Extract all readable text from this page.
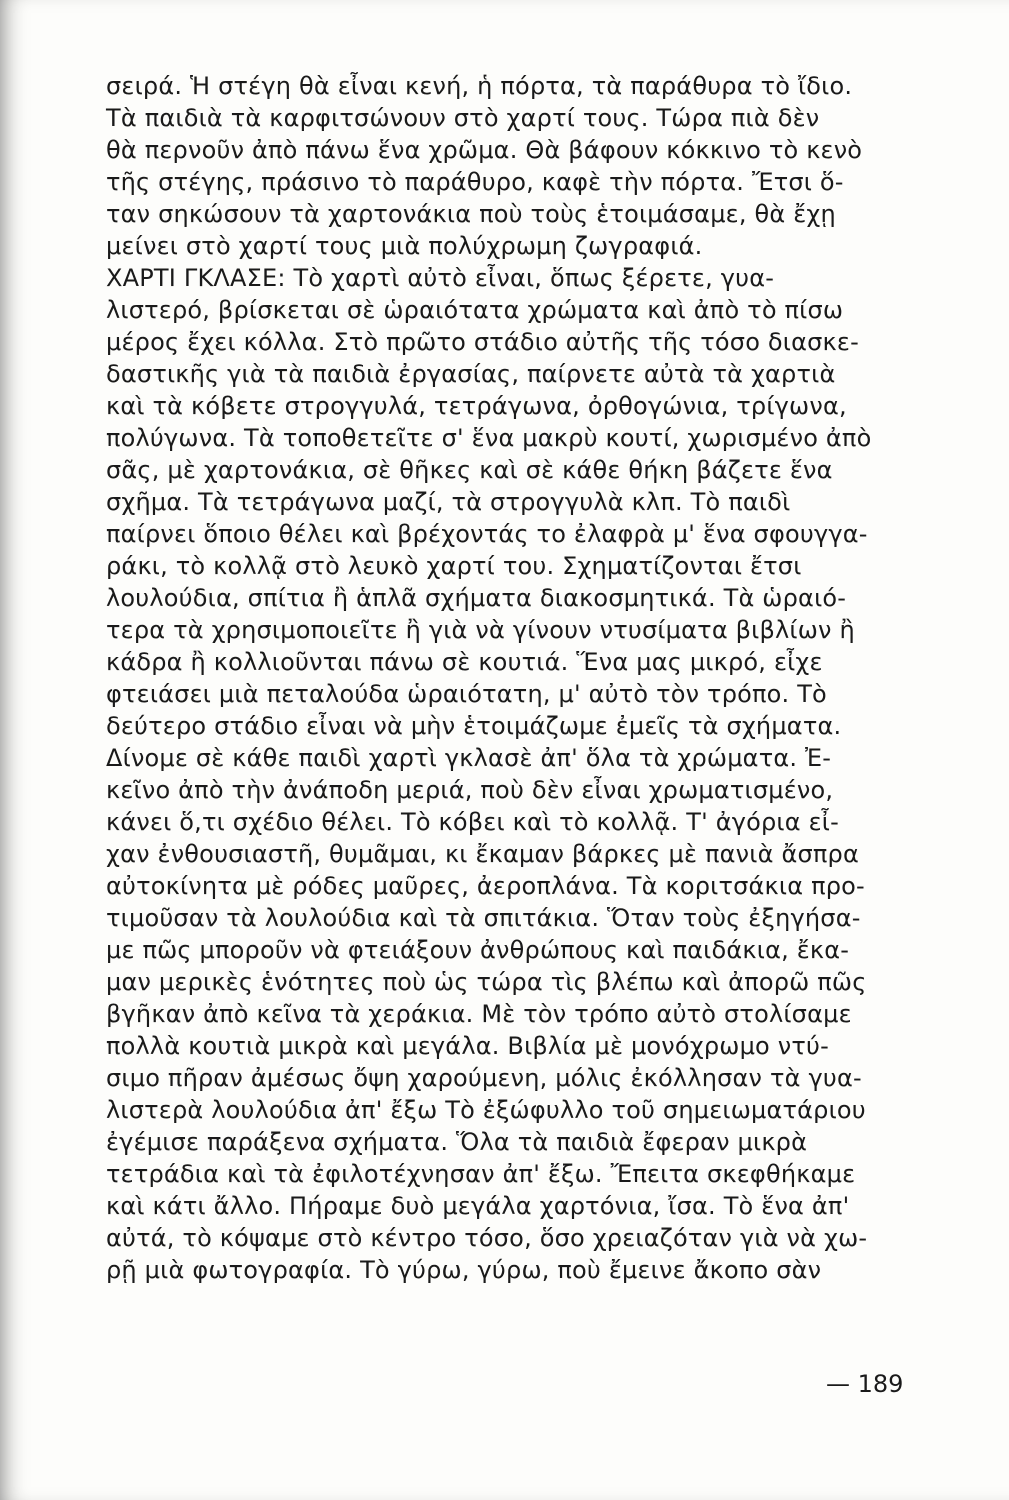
σειρά. Ἡ στέγη θὰ εἶναι κενή, ἡ πόρτα, τὰ παράθυρα τὸ ἴδιο.
Τὰ παιδιὰ τὰ καρφιτσώνουν στὸ χαρτί τους. Τώρα πιὰ δὲν
θὰ περνοῦν ἀπὸ πάνω ἕνα χρῶμα. Θὰ βάφουν κόκκινο τὸ κενὸ
τῆς στέγης, πράσινο τὸ παράθυρο, καφὲ τὴν πόρτα. Ἔτσι ὅ-
ταν σηκώσουν τὰ χαρτονάκια ποὺ τοὺς ἑτοιμάσαμε, θὰ ἔχῃ
μείνει στὸ χαρτί τους μιὰ πολύχρωμη ζωγραφιά.
ΧΑΡΤΙ ΓΚΛΑΣΕ: Τὸ χαρτὶ αὐτὸ εἶναι, ὅπως ξέρετε, γυα-
λιστερό, βρίσκεται σὲ ὡραιότατα χρώματα καὶ ἀπὸ τὸ πίσω
μέρος ἔχει κόλλα. Στὸ πρῶτο στάδιο αὐτῆς τῆς τόσο διασκε-
δαστικῆς γιὰ τὰ παιδιὰ ἐργασίας, παίρνετε αὐτὰ τὰ χαρτιὰ
καὶ τὰ κόβετε στρογγυλά, τετράγωνα, ὀρθογώνια, τρίγωνα,
πολύγωνα. Τὰ τοποθετεῖτε σ' ἕνα μακρὺ κουτί, χωρισμένο ἀπὸ
σᾶς, μὲ χαρτονάκια, σὲ θῆκες καὶ σὲ κάθε θήκη βάζετε ἕνα
σχῆμα. Τὰ τετράγωνα μαζί, τὰ στρογγυλὰ κλπ. Τὸ παιδὶ
παίρνει ὅποιο θέλει καὶ βρέχοντάς το ἐλαφρὰ μ' ἕνα σφουγγα-
ράκι, τὸ κολλᾷ στὸ λευκὸ χαρτί του. Σχηματίζονται ἔτσι
λουλούδια, σπίτια ἢ ἁπλᾶ σχήματα διακοσμητικά. Τὰ ὡραιό-
τερα τὰ χρησιμοποιεῖτε ἢ γιὰ νὰ γίνουν ντυσίματα βιβλίων ἢ
κάδρα ἢ κολλιοῦνται πάνω σὲ κουτιά. Ἕνα μας μικρό, εἶχε
φτειάσει μιὰ πεταλούδα ὡραιότατη, μ' αὐτὸ τὸν τρόπο. Τὸ
δεύτερο στάδιο εἶναι νὰ μὴν ἑτοιμάζωμε ἐμεῖς τὰ σχήματα.
Δίνομε σὲ κάθε παιδὶ χαρτὶ γκλασὲ ἀπ' ὅλα τὰ χρώματα. Ἐ-
κεῖνο ἀπὸ τὴν ἀνάποδη μεριά, ποὺ δὲν εἶναι χρωματισμένο,
κάνει ὅ,τι σχέδιο θέλει. Τὸ κόβει καὶ τὸ κολλᾷ. Τ' ἀγόρια εἶ-
χαν ἐνθουσιαστῆ, θυμᾶμαι, κι ἔκαμαν βάρκες μὲ πανιὰ ἄσπρα
αὐτοκίνητα μὲ ρόδες μαῦρες, ἀεροπλάνα. Τὰ κοριτσάκια προ-
τιμοῦσαν τὰ λουλούδια καὶ τὰ σπιτάκια. Ὅταν τοὺς ἐξηγήσα-
με πῶς μποροῦν νὰ φτειάξουν ἀνθρώπους καὶ παιδάκια, ἔκα-
μαν μερικὲς ἑνότητες ποὺ ὡς τώρα τὶς βλέπω καὶ ἀπορῶ πῶς
βγῆκαν ἀπὸ κεῖνα τὰ χεράκια. Μὲ τὸν τρόπο αὐτὸ στολίσαμε
πολλὰ κουτιὰ μικρὰ καὶ μεγάλα. Βιβλία μὲ μονόχρωμο ντύ-
σιμο πῆραν ἀμέσως ὄψη χαρούμενη, μόλις ἐκόλλησαν τὰ γυα-
λιστερὰ λουλούδια ἀπ' ἔξω Τὸ ἐξώφυλλο τοῦ σημειωματάριου
ἐγέμισε παράξενα σχήματα. Ὅλα τὰ παιδιὰ ἔφεραν μικρὰ
τετράδια καὶ τὰ ἐφιλοτέχνησαν ἀπ' ἔξω. Ἔπειτα σκεφθήκαμε
καὶ κάτι ἄλλο. Πήραμε δυὸ μεγάλα χαρτόνια, ἴσα. Τὸ ἕνα ἀπ'
αὐτά, τὸ κόψαμε στὸ κέντρο τόσο, ὅσο χρειαζόταν γιὰ νὰ χω-
ρῇ μιὰ φωτογραφία. Τὸ γύρω, γύρω, ποὺ ἔμεινε ἄκοπο σὰν
— 189
